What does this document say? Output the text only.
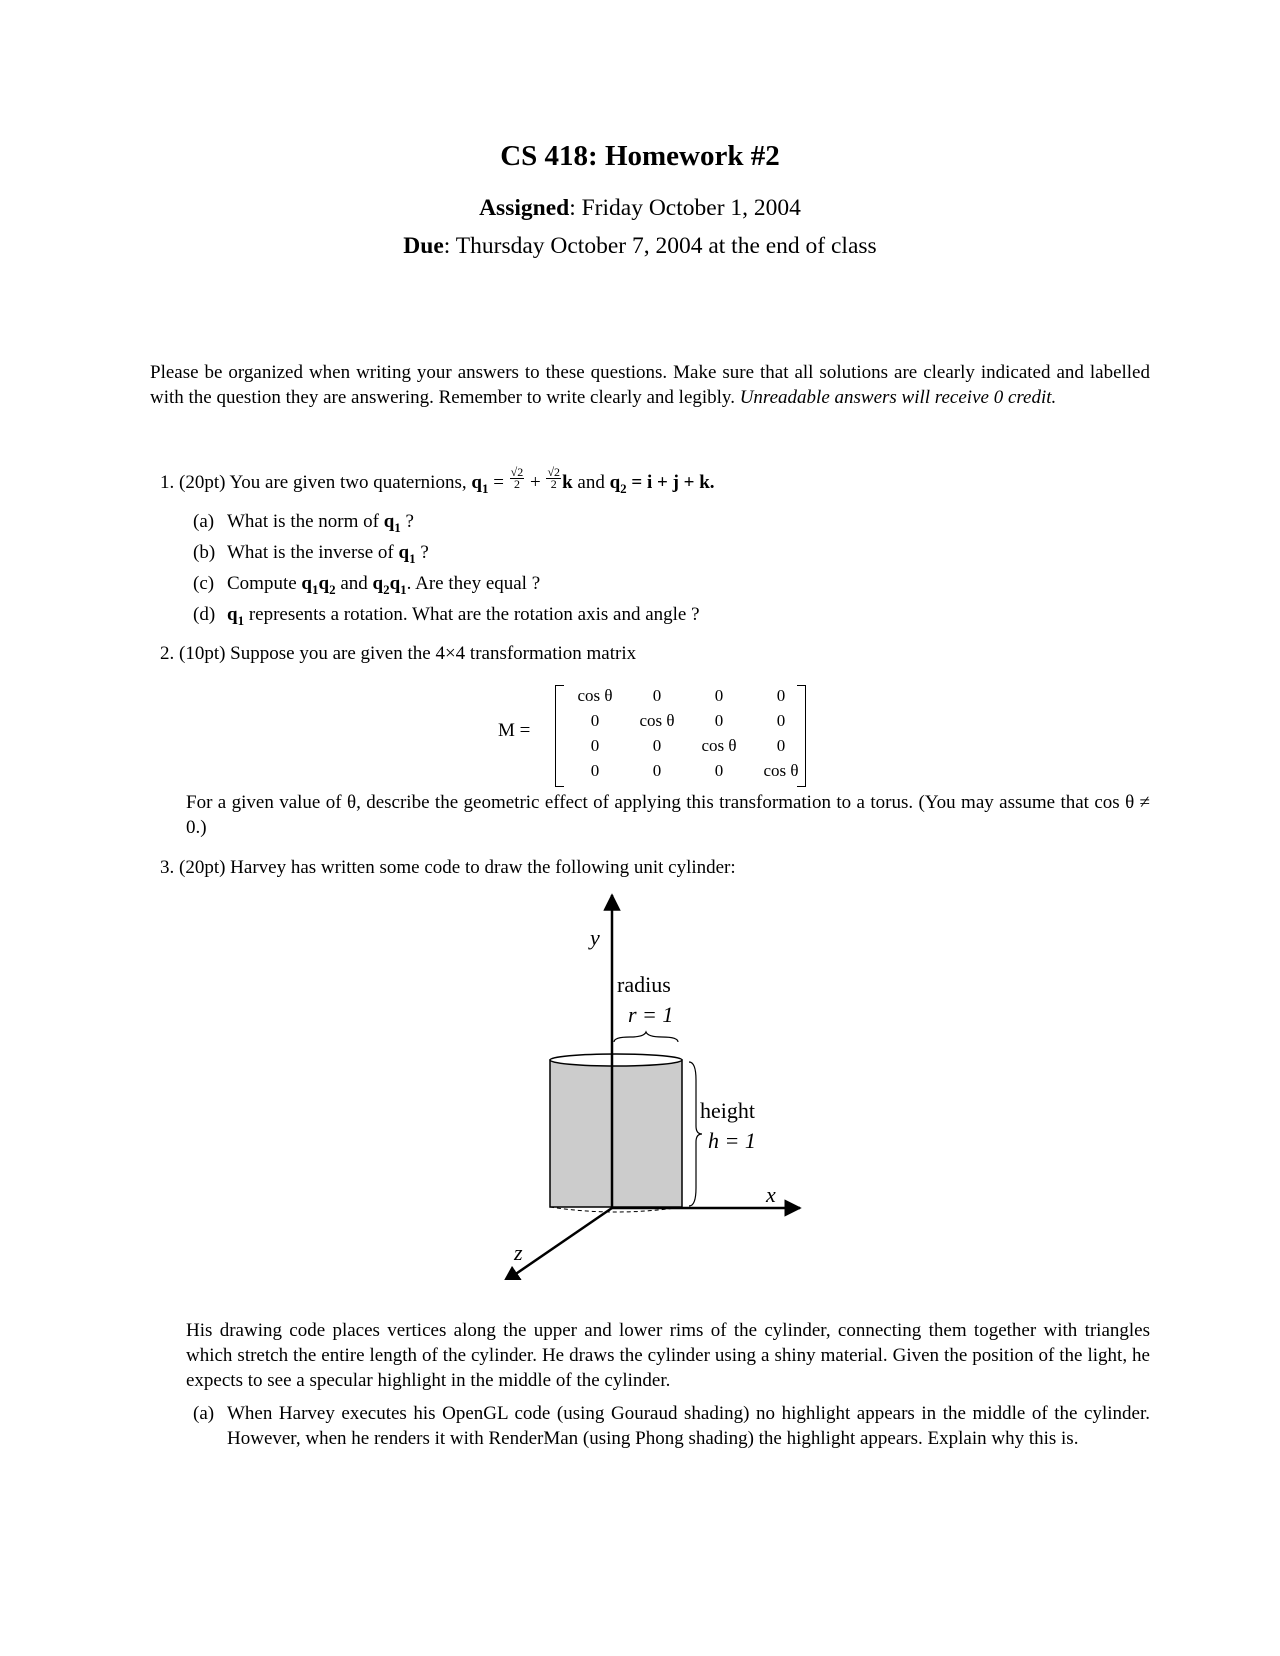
CS 418: Homework #2
Assigned: Friday October 1, 2004
Due: Thursday October 7, 2004 at the end of class
Please be organized when writing your answers to these questions. Make sure that all solutions are clearly indicated and labelled with the question they are answering. Remember to write clearly and legibly. Unreadable answers will receive 0 credit.
1. (20pt) You are given two quaternions, $q_1 = \frac{√2}{2} + \frac{√2}{2}$ k and $q_2 = i + j + k$.
(a) What is the norm of $q_1$ ?
(b) What is the inverse of $q_1$ ?
(c) Compute $q_1q_2$ and $q_2q_1$. Are they equal ?
(d) $q_1$ represents a rotation. What are the rotation axis and angle ?
2. (10pt) Suppose you are given the 4×4 transformation matrix
M =
cos θ	0	0	0
0	cos θ	0	0
0	0	cos θ	0
0	0	0	cos θ
For a given value of θ, describe the geometric effect of applying this transformation to a torus. (You may assume that cos θ ≠ 0.)
3. (20pt) Harvey has written some code to draw the following unit cylinder:
y
x
z
radius
r = 1
height
h = 1
His drawing code places vertices along the upper and lower rims of the cylinder, connecting them together with triangles which stretch the entire length of the cylinder. He draws the cylinder using a shiny material. Given the position of the light, he expects to see a specular highlight in the middle of the cylinder.
(a) When Harvey executes his OpenGL code (using Gouraud shading) no highlight appears in the middle of the cylinder. However, when he renders it with RenderMan (using Phong shading) the highlight appears. Explain why this is.
